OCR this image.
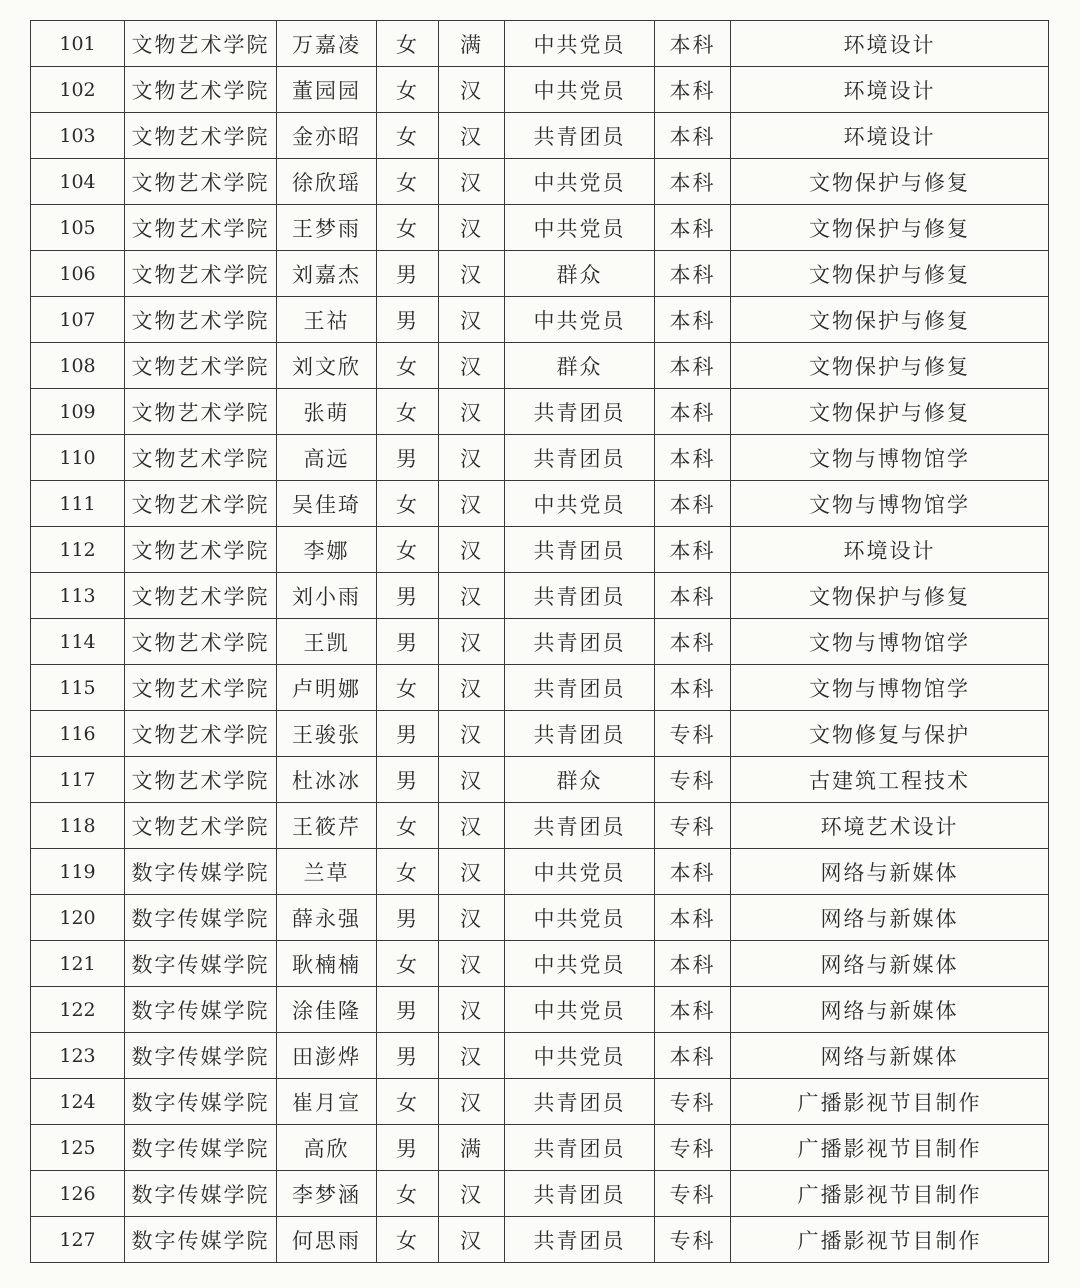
101	文物艺术学院	万嘉凌	女	满	中共党员	本科	环境设计
102	文物艺术学院	董园园	女	汉	中共党员	本科	环境设计
103	文物艺术学院	金亦昭	女	汉	共青团员	本科	环境设计
104	文物艺术学院	徐欣瑶	女	汉	中共党员	本科	文物保护与修复
105	文物艺术学院	王梦雨	女	汉	中共党员	本科	文物保护与修复
106	文物艺术学院	刘嘉杰	男	汉	群众	本科	文物保护与修复
107	文物艺术学院	王祜	男	汉	中共党员	本科	文物保护与修复
108	文物艺术学院	刘文欣	女	汉	群众	本科	文物保护与修复
109	文物艺术学院	张萌	女	汉	共青团员	本科	文物保护与修复
110	文物艺术学院	高远	男	汉	共青团员	本科	文物与博物馆学
111	文物艺术学院	吴佳琦	女	汉	中共党员	本科	文物与博物馆学
112	文物艺术学院	李娜	女	汉	共青团员	本科	环境设计
113	文物艺术学院	刘小雨	男	汉	共青团员	本科	文物保护与修复
114	文物艺术学院	王凯	男	汉	共青团员	本科	文物与博物馆学
115	文物艺术学院	卢明娜	女	汉	共青团员	本科	文物与博物馆学
116	文物艺术学院	王骏张	男	汉	共青团员	专科	文物修复与保护
117	文物艺术学院	杜冰冰	男	汉	群众	专科	古建筑工程技术
118	文物艺术学院	王筱芹	女	汉	共青团员	专科	环境艺术设计
119	数字传媒学院	兰草	女	汉	中共党员	本科	网络与新媒体
120	数字传媒学院	薛永强	男	汉	中共党员	本科	网络与新媒体
121	数字传媒学院	耿楠楠	女	汉	中共党员	本科	网络与新媒体
122	数字传媒学院	涂佳隆	男	汉	中共党员	本科	网络与新媒体
123	数字传媒学院	田澎烨	男	汉	中共党员	本科	网络与新媒体
124	数字传媒学院	崔月宣	女	汉	共青团员	专科	广播影视节目制作
125	数字传媒学院	高欣	男	满	共青团员	专科	广播影视节目制作
126	数字传媒学院	李梦涵	女	汉	共青团员	专科	广播影视节目制作
127	数字传媒学院	何思雨	女	汉	共青团员	专科	广播影视节目制作
